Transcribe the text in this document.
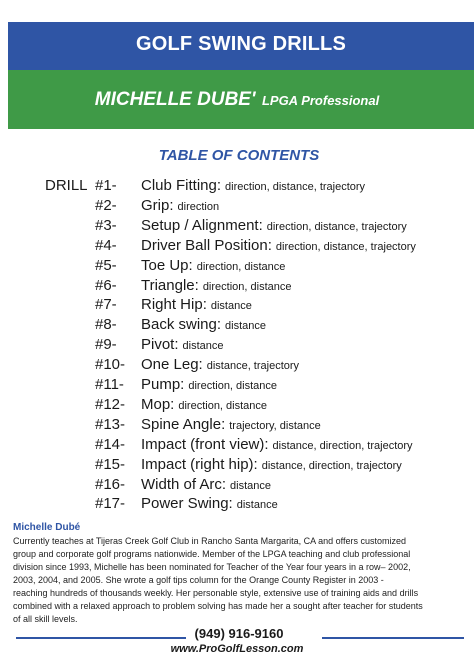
GOLF SWING DRILLS
MICHELLE DUBE' LPGA Professional
TABLE OF CONTENTS
DRILL #1- Club Fitting: direction, distance, trajectory
#2- Grip: direction
#3- Setup / Alignment: direction, distance, trajectory
#4- Driver Ball Position: direction, distance, trajectory
#5- Toe Up: direction, distance
#6- Triangle: direction, distance
#7- Right Hip: distance
#8- Back swing: distance
#9- Pivot: distance
#10- One Leg: distance, trajectory
#11- Pump: direction, distance
#12- Mop: direction, distance
#13- Spine Angle: trajectory, distance
#14- Impact (front view): distance, direction, trajectory
#15- Impact (right hip): distance, direction, trajectory
#16- Width of Arc: distance
#17- Power Swing: distance
Michelle Dubé
Currently teaches at Tijeras Creek Golf Club in Rancho Santa Margarita, CA and offers customized
group and corporate golf programs nationwide. Member of the LPGA teaching and club professional
division since 1993, Michelle has been nominated for Teacher of the Year four years in a row– 2002,
2003, 2004, and 2005. She wrote a golf tips column for the Orange County Register in 2003 -
reaching hundreds of thousands weekly. Her personable style, extensive use of training aids and drills
combined with a relaxed approach to problem solving has made her a sought after teacher for students
of all skill levels.
(949) 916-9160
www.ProGolfLesson.com
